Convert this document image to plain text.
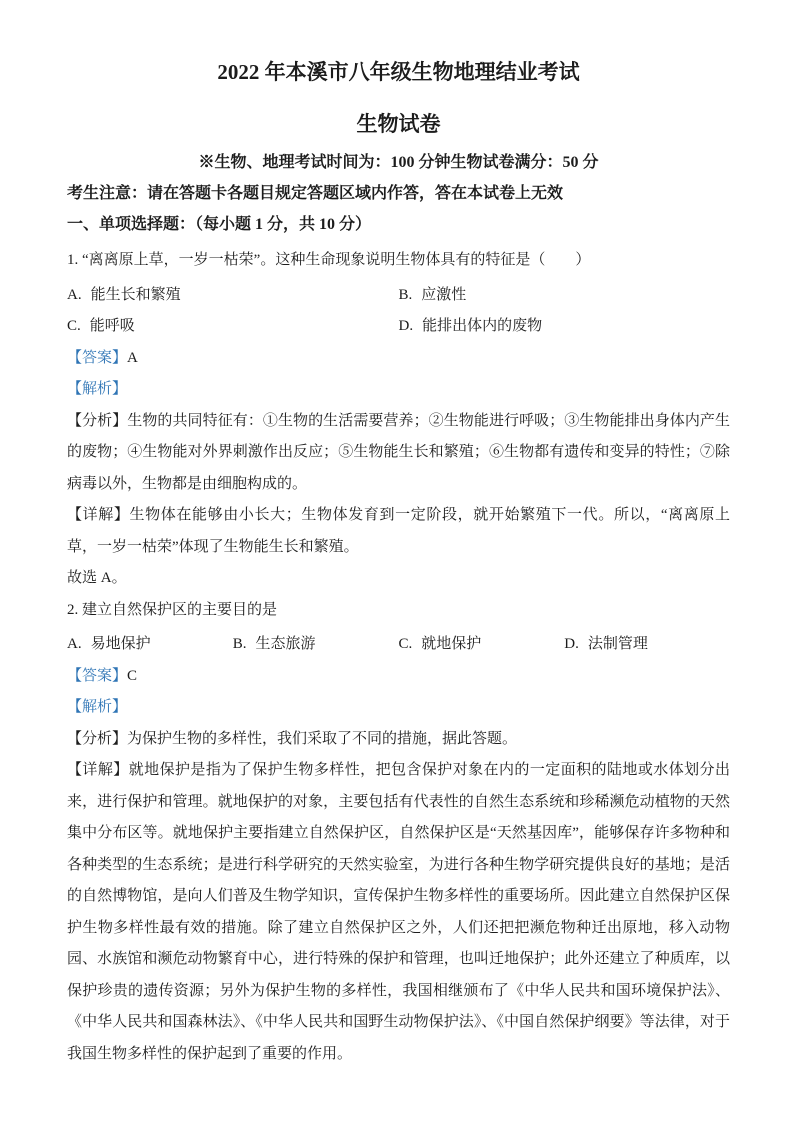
2022 年本溪市八年级生物地理结业考试
生物试卷
※生物、地理考试时间为：100 分钟生物试卷满分：50 分
考生注意：请在答题卡各题目规定答题区域内作答，答在本试卷上无效
一、单项选择题：（每小题 1 分，共 10 分）
1. “离离原上草，一岁一枯荣”。这种生命现象说明生物体具有的特征是（　　）
A. 能生长和繁殖	B. 应激性
C. 能呼吸	D. 能排出体内的废物
【答案】A
【解析】

【分析】生物的共同特征有：①生物的生活需要营养；②生物能进行呼吸；③生物能排出身体内产生的废物；④生物能对外界刺激作出反应；⑤生物能生长和繁殖；⑥生物都有遗传和变异的特性；⑦除病毒以外，生物都是由细胞构成的。

【详解】生物体在能够由小长大；生物体发育到一定阶段，就开始繁殖下一代。所以，“离离原上草，一岁一枯荣”体现了生物能生长和繁殖。

故选 A。
2. 建立自然保护区的主要目的是
A. 易地保护	B. 生态旅游	C. 就地保护	D. 法制管理
【答案】C
【解析】

【分析】为保护生物的多样性，我们采取了不同的措施，据此答题。

【详解】就地保护是指为了保护生物多样性，把包含保护对象在内的一定面积的陆地或水体划分出来，进行保护和管理。就地保护的对象，主要包括有代表性的自然生态系统和珍稀濒危动植物的天然集中分布区等。就地保护主要指建立自然保护区，自然保护区是“天然基因库”，能够保存许多物种和各种类型的生态系统；是进行科学研究的天然实验室，为进行各种生物学研究提供良好的基地；是活的自然博物馆，是向人们普及生物学知识，宣传保护生物多样性的重要场所。因此建立自然保护区保护生物多样性最有效的措施。除了建立自然保护区之外，人们还把把濒危物种迁出原地，移入动物园、水族馆和濒危动物繁育中心，进行特殊的保护和管理，也叫迁地保护；此外还建立了种质库，以保护珍贵的遗传资源；另外为保护生物的多样性，我国相继颁布了《中华人民共和国环境保护法》、《中华人民共和国森林法》、《中华人民共和国野生动物保护法》、《中国自然保护纲要》等法律，对于我国生物多样性的保护起到了重要的作用。
